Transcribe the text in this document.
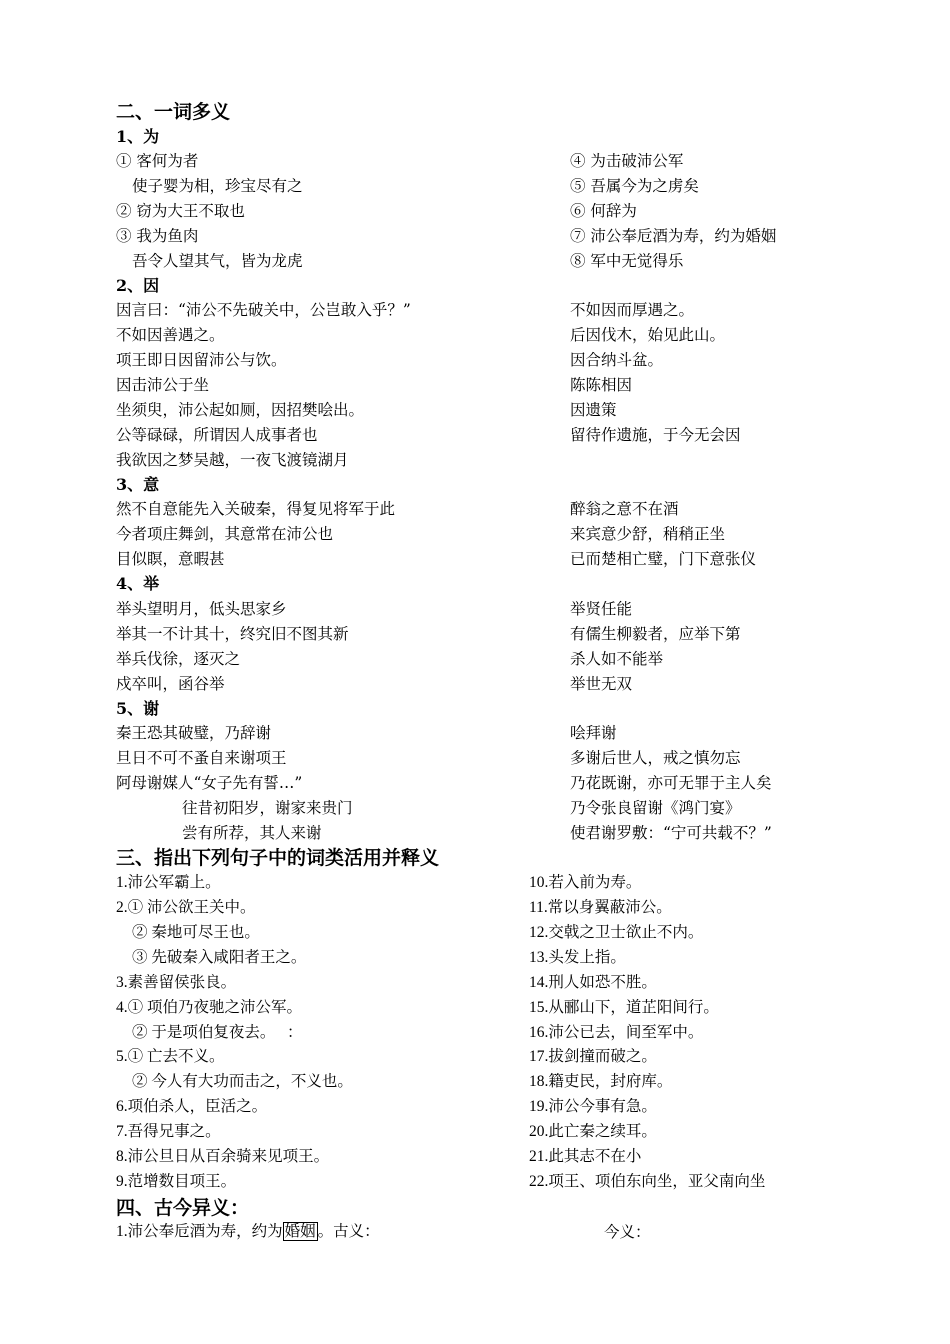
二、一词多义
1、为
① 客何为者
使子婴为相，珍宝尽有之
② 窃为大王不取也
③ 我为鱼肉
吾令人望其气，皆为龙虎
④ 为击破沛公军
⑤ 吾属今为之虏矣
⑥ 何辞为
⑦ 沛公奉卮酒为寿，约为婚姻
⑧ 军中无觉得乐
2、因
因言曰：“沛公不先破关中，公岂敢入乎？”
不如因善遇之。
项王即日因留沛公与饮。
因击沛公于坐
坐须臾，沛公起如厕，因招樊哙出。
公等碌碌，所谓因人成事者也
我欲因之梦吴越，一夜飞渡镜湖月
不如因而厚遇之。
后因伐木，始见此山。
因合纳斗盆。
陈陈相因
因遗策
留待作遗施，于今无会因
3、意
然不自意能先入关破秦，得复见将军于此
今者项庄舞剑，其意常在沛公也
目似瞑，意暇甚
醉翁之意不在酒
来宾意少舒，稍稍正坐
已而楚相亡璧，门下意张仪
4、举
举头望明月，低头思家乡
举其一不计其十，终究旧不图其新
举兵伐徐，逐灭之
戍卒叫，函谷举
举贤任能
有儒生柳毅者，应举下第
杀人如不能举
举世无双
5、谢
秦王恐其破璧，乃辞谢
旦日不可不蚤自来谢项王
阿母谢媒人“女子先有誓…”
往昔初阳岁，谢家来贵门
尝有所荐，其人来谢
哙拜谢
多谢后世人，戒之慎勿忘
乃花既谢，亦可无罪于主人矣
乃令张良留谢《鸿门宴》
使君谢罗敷：“宁可共载不？”
三、指出下列句子中的词类活用并释义
1.沛公军霸上。
2.① 沛公欲王关中。
② 秦地可尽王也。
③ 先破秦入咸阳者王之。
3.素善留侯张良。
4.① 项伯乃夜驰之沛公军。
② 于是项伯复夜去。　 ：
5.① 亡去不义。
② 今人有大功而击之，不义也。
6.项伯杀人，臣活之。
7.吾得兄事之。
8.沛公旦日从百余骑来见项王。
9.范增数目项王。
10.若入前为寿。
11.常以身翼蔽沛公。
12.交戟之卫士欲止不内。
13.头发上指。
14.刑人如恐不胜。
15.从郦山下，道芷阳间行。
16.沛公已去，间至军中。
17.拔剑撞而破之。
18.籍吏民，封府库。
19.沛公今事有急。
20.此亡秦之续耳。
21.此其志不在小
22.项王、项伯东向坐，亚父南向坐
四、古今异义：
1.沛公奉卮酒为寿，约为 婚姻 。古义：	今义：
